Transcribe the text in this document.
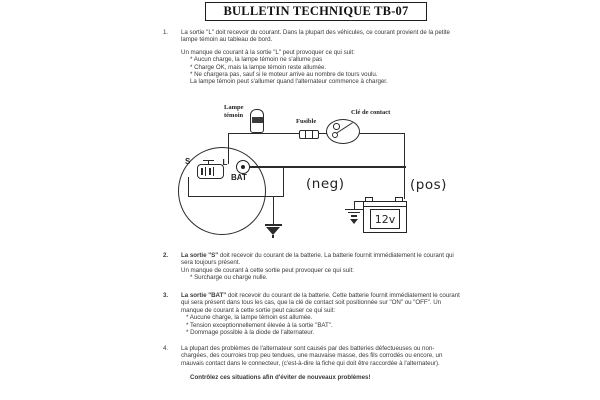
BULLETIN TECHNIQUE TB-07
1. La sortie "L" doit recevoir du courant. Dans la plupart des véhicules, ce courant provient de la petite lampe témoin au tableau de bord.
Un manque de courant à la sortie "L" peut provoquer ce qui suit:
* Aucun charge, la lampe témoin ne s'allume pas
* Charge OK, mais la lampe témoin reste allumée.
* Ne chargera pas, sauf si le moteur arrive au nombre de tours voulu.
La lampe témoin peut s'allumer quand l'alternateur commence à charger.
S	L
BAT
Lampe
témoin
Fusible
Clé de contact
(neg)	(pos)
12v
2. La sortie "S" doit recevoir du courant de la batterie. La batterie fournit immédiatement le courant qui sera toujours présent.
Un manque de courant à cette sortie peut provoquer ce qui suit:
* Surcharge ou charge nulle.
3. La sortie "BAT" doit recevoir du courant de la batterie. Cette batterie fournit immédiatement le courant qui sera présent dans tous les cas, que la clé de contact soit positionnée sur "ON" ou "OFF". Un manque de courant à cette sortie peut causer ce qui suit:
* Aucune charge, la lampe témoin est allumée.
* Tension exceptionnellement élevée à la sortie "BAT".
* Dommage possible à la diode de l'alternateur.
4. La plupart des problèmes de l'alternateur sont causés par des batteries défectueuses ou non-chargées, des courroies trop peu tendues, une mauvaise masse, des fils corrodés ou encore, un mauvais contact dans le connecteur, (c'est-à-dire la fiche qui doit être raccordée à l'alternateur).
Contrôlez ces situations afin d'éviter de nouveaux problèmes!
